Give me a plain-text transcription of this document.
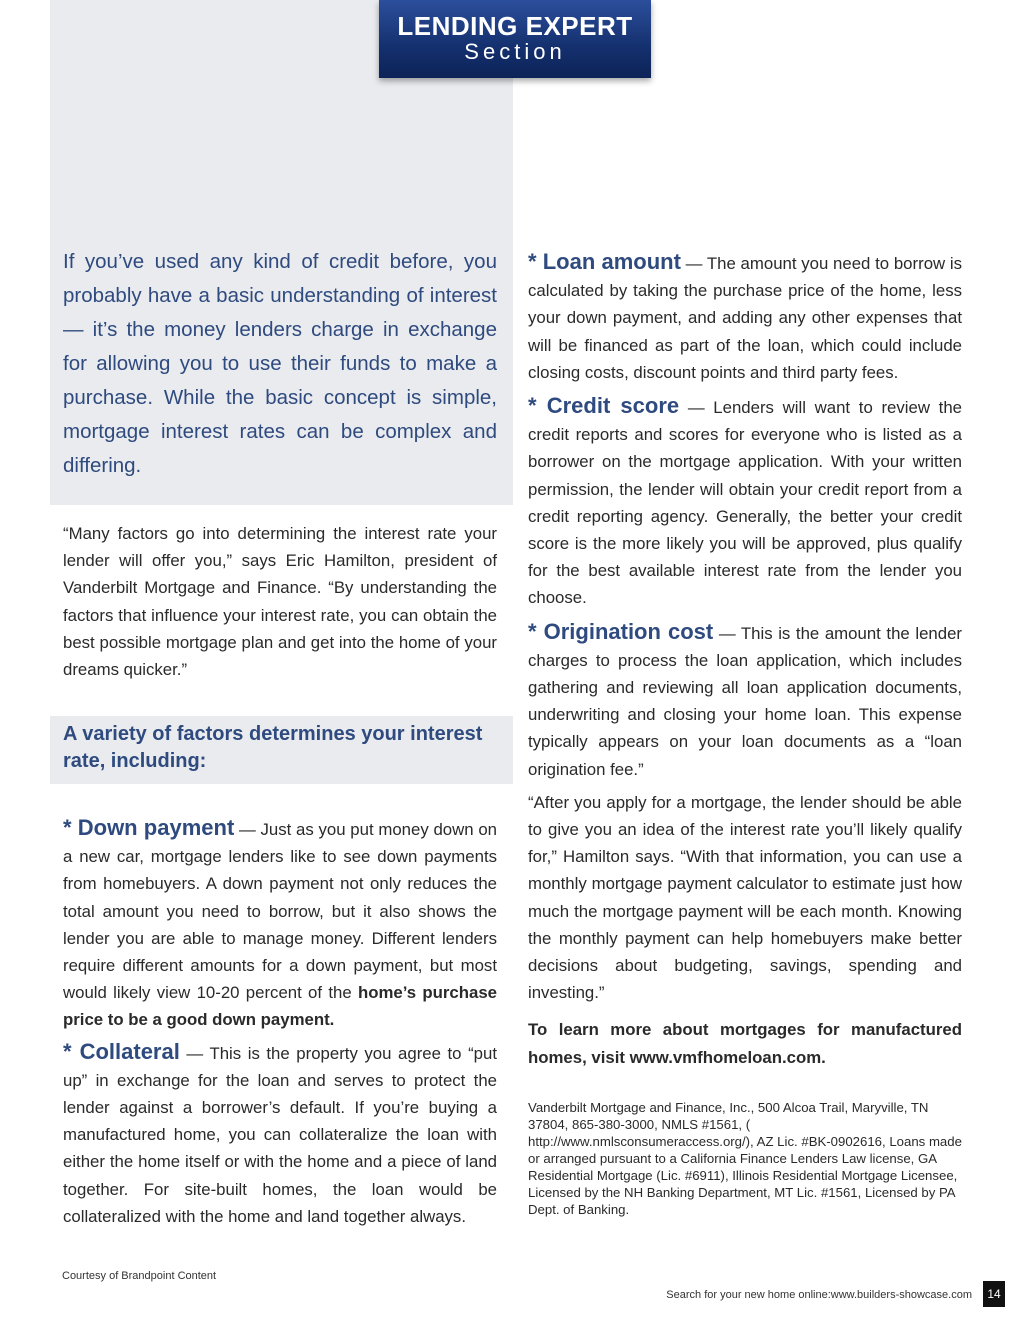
LENDING EXPERT
Section

If you’ve used any kind of credit before, you probably have a basic understanding of interest — it’s the money lenders charge in exchange for allowing you to use their funds to make a purchase. While the basic concept is simple, mortgage interest rates can be complex and differing.

“Many factors go into determining the interest rate your lender will offer you,” says Eric Hamilton, president of Vanderbilt Mortgage and Finance. “By understanding the factors that influence your interest rate, you can obtain the best possible mortgage plan and get into the home of your dreams quicker.”

A variety of factors determines your interest rate, including:

* Down payment — Just as you put money down on a new car, mortgage lenders like to see down payments from homebuyers. A down payment not only reduces the total amount you need to borrow, but it also shows the lender you are able to manage money. Different lenders require different amounts for a down payment, but most would likely view 10-20 percent of the home’s purchase price to be a good down payment.

* Collateral — This is the property you agree to “put up” in exchange for the loan and serves to protect the lender against a borrower’s default. If you’re buying a manufactured home, you can collateralize the loan with either the home itself or with the home and a piece of land together. For site-built homes, the loan would be collateralized with the home and land together always.

* Loan amount — The amount you need to borrow is calculated by taking the purchase price of the home, less your down payment, and adding any other expenses that will be financed as part of the loan, which could include closing costs, discount points and third party fees.

* Credit score — Lenders will want to review the credit reports and scores for everyone who is listed as a borrower on the mortgage application. With your written permission, the lender will obtain your credit report from a credit reporting agency. Generally, the better your credit score is the more likely you will be approved, plus qualify for the best available interest rate from the lender you choose.

* Origination cost — This is the amount the lender charges to process the loan application, which includes gathering and reviewing all loan application documents, underwriting and closing your home loan. This expense typically appears on your loan documents as a “loan origination fee.”

“After you apply for a mortgage, the lender should be able to give you an idea of the interest rate you’ll likely qualify for,” Hamilton says. “With that information, you can use a monthly mortgage payment calculator to estimate just how much the mortgage payment will be each month. Knowing the monthly payment can help homebuyers make better decisions about budgeting, savings, spending and investing.”

To learn more about mortgages for manufactured homes, visit www.vmfhomeloan.com.

Vanderbilt Mortgage and Finance, Inc., 500 Alcoa Trail, Maryville, TN 37804, 865-380-3000, NMLS #1561, ( http://www.nmlsconsumeraccess.org/), AZ Lic. #BK-0902616, Loans made or arranged pursuant to a California Finance Lenders Law license, GA Residential Mortgage (Lic. #6911), Illinois Residential Mortgage Licensee, Licensed by the NH Banking Department, MT Lic. #1561, Licensed by PA Dept. of Banking.

Courtesy of Brandpoint Content

Search for your new home online:www.builders-showcase.com	14
